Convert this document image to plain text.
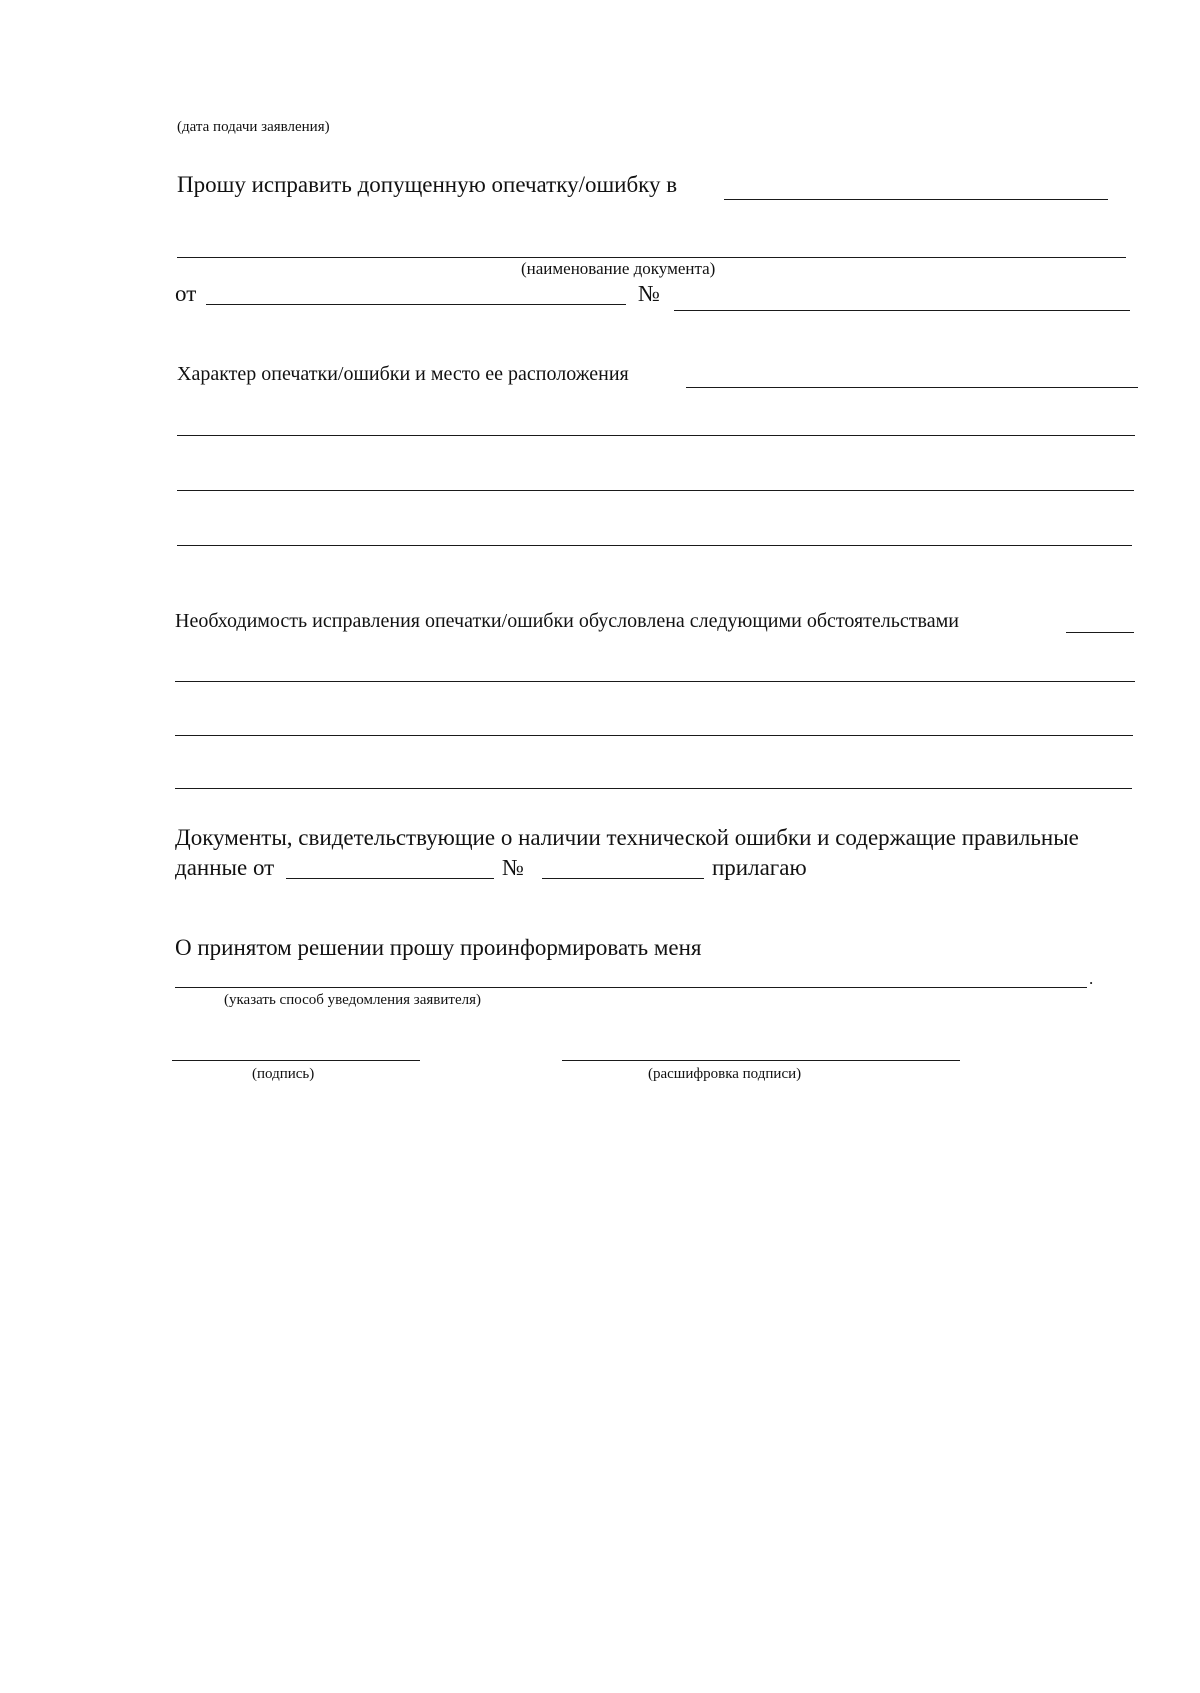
(дата подачи заявления)
Прошу исправить допущенную опечатку/ошибку в
(наименование документа)
от	№
Характер опечатки/ошибки и место ее расположения
Необходимость исправления опечатки/ошибки обусловлена следующими обстоятельствами
Документы, свидетельствующие о наличии технической ошибки и содержащие правильные
данные от	№	прилагаю
О принятом решении прошу проинформировать меня
.
(указать способ уведомления заявителя)
(подпись)	(расшифровка подписи)
